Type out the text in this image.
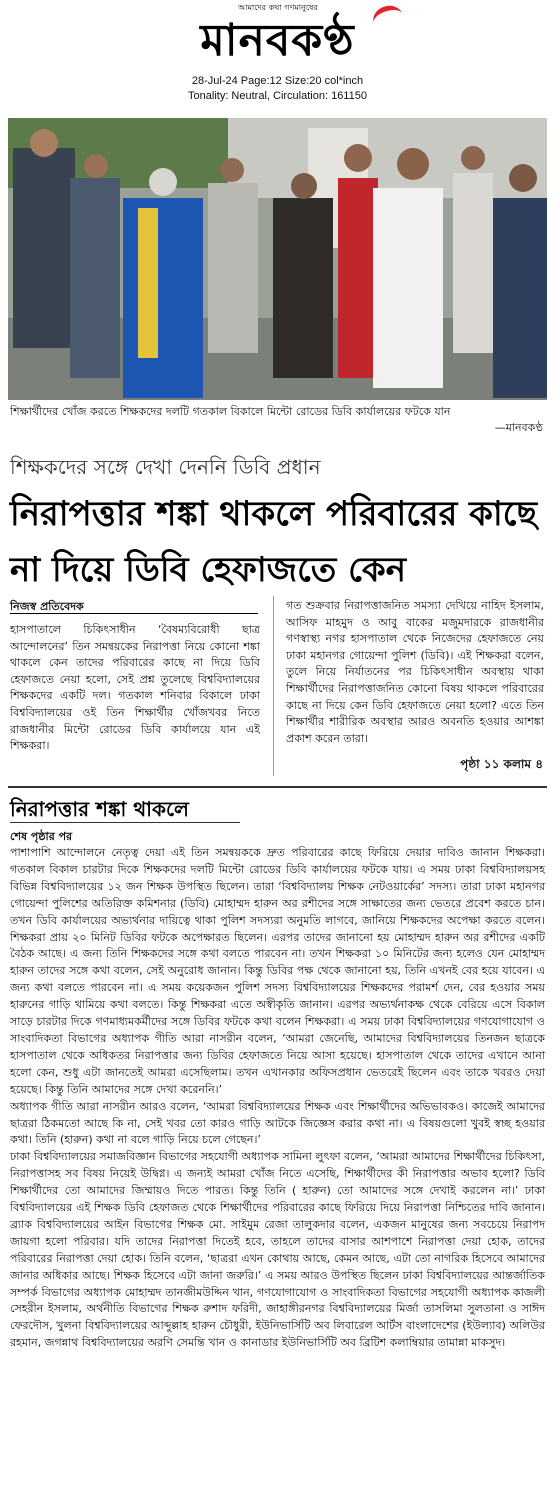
আমাদের কথা গণমানুষের
মানবকণ্ঠ
28-Jul-24 Page:12 Size:20 col*inch
Tonality: Neutral, Circulation: 161150
শিক্ষার্থীদের খোঁজ করতে শিক্ষকদের দলটি গতকাল বিকালে মিন্টো রোডের ডিবি কার্যালয়ের ফটকে যান
—মানবকণ্ঠ
শিক্ষকদের সঙ্গে দেখা দেননি ডিবি প্রধান
নিরাপত্তার শঙ্কা থাকলে পরিবারের কাছে না দিয়ে ডিবি হেফাজতে কেন
নিজস্ব প্রতিবেদক
হাসপাতালে চিকিৎসাধীন ‘বৈষম্যবিরোধী ছাত্র আন্দোলনের’ তিন সমন্বয়কের নিরাপত্তা নিয়ে কোনো শঙ্কা থাকলে কেন তাদের পরিবারের কাছে না দিয়ে ডিবি হেফাজতে নেয়া হলো, সেই প্রশ্ন তুলেছে বিশ্ববিদ্যালয়ের শিক্ষকদের একটি দল। গতকাল শনিবার বিকালে ঢাকা বিশ্ববিদ্যালয়ের ওই তিন শিক্ষার্থীর খোঁজখবর নিতে রাজধানীর মিন্টো রোডের ডিবি কার্যালয়ে যান এই শিক্ষকরা।
গত শুক্রবার নিরাপত্তাজনিত সমস্যা দেখিয়ে নাহিদ ইসলাম, আসিফ মাহমুদ ও আবু বাকের মজুমদারকে রাজধানীর গণস্বাস্থ্য নগর হাসপাতাল থেকে নিজেদের হেফাজতে নেয় ঢাকা মহানগর গোয়েন্দা পুলিশ (ডিবি)। এই শিক্ষকরা বলেন, তুলে নিয়ে নির্যাতনের পর চিকিৎসাধীন অবস্থায় থাকা শিক্ষার্থীদের নিরাপত্তাজনিত কোনো বিষয় থাকলে পরিবারের কাছে না দিয়ে কেন ডিবি হেফাজতে নেয়া হলো? এতে তিন শিক্ষার্থীর শারীরিক অবস্থার আরও অবনতি হওয়ার আশঙ্কা প্রকাশ করেন তারা।
পৃষ্ঠা ১১ কলাম ৪
নিরাপত্তার শঙ্কা থাকলে
শেষ পৃষ্ঠার পর

পাশাপাশি আন্দোলনে নেতৃত্ব দেয়া এই তিন সমন্বয়ককে দ্রুত পরিবারের কাছে ফিরিয়ে দেয়ার দাবিও জানান শিক্ষকরা। গতকাল বিকাল চারটার দিকে শিক্ষকদের দলটি মিন্টো রোডের ডিবি কার্যালয়ের ফটকে যায়। এ সময় ঢাকা বিশ্ববিদ্যালয়সহ বিভিন্ন বিশ্ববিদ্যালয়ের ১২ জন শিক্ষক উপস্থিত ছিলেন। তারা ‘বিশ্ববিদ্যালয় শিক্ষক নেটওয়ার্কের’ সদস্য। তারা ঢাকা মহানগর গোয়েন্দা পুলিশের অতিরিক্ত কমিশনার (ডিবি) মোহাম্মদ হারুন অর রশীদের সঙ্গে সাক্ষাতের জন্য ভেতরে প্রবেশ করতে চান। তখন ডিবি কার্যালয়ের অভ্যর্থনার দায়িত্বে থাকা পুলিশ সদস্যরা অনুমতি লাগবে, জানিয়ে শিক্ষকদের অপেক্ষা করতে বলেন। শিক্ষকরা প্রায় ২০ মিনিট ডিবির ফটকে অপেক্ষারত ছিলেন। এরপর তাদের জানানো হয় মোহাম্মদ হারুন অর রশীদের একটি বৈঠক আছে। এ জন্য তিনি শিক্ষকদের সঙ্গে কথা বলতে পারবেন না। তখন শিক্ষকরা ১০ মিনিটের জন্য হলেও যেন মোহাম্মদ হারুন তাদের সঙ্গে কথা বলেন, সেই অনুরোধ জানান। কিন্তু ডিবির পক্ষ থেকে জানানো হয়, তিনি এখনই বের হয়ে যাবেন। এ জন্য কথা বলতে পারবেন না। এ সময় কয়েকজন পুলিশ সদস্য বিশ্ববিদ্যালয়ের শিক্ষকদের পরামর্শ দেন, বের হওয়ার সময় হারুনের গাড়ি থামিয়ে কথা বলতে। কিন্তু শিক্ষকরা এতে অস্বীকৃতি জানান। এরপর অভ্যর্থনাকক্ষ থেকে বেরিয়ে এসে বিকাল সাড়ে চারটার দিকে গণমাধ্যমকর্মীদের সঙ্গে ডিবির ফটকে কথা বলেন শিক্ষকরা। এ সময় ঢাকা বিশ্ববিদ্যালয়ের গণযোগাযোগ ও সাংবাদিকতা বিভাগের অধ্যাপক গীতি আরা নাসরীন বলেন, ‘আমরা জেনেছি, আমাদের বিশ্ববিদ্যালয়ের তিনজন ছাত্রকে হাসপাতাল থেকে অধিকতর নিরাপত্তার জন্য ডিবির হেফাজতে নিয়ে আসা হয়েছে। হাসপাতাল থেকে তাদের এখানে আনা হলো কেন, শুধু এটা জানতেই আমরা এসেছিলাম। তখন এখানকার অফিসপ্রধান ভেতরেই ছিলেন এবং তাকে খবরও দেয়া হয়েছে। কিন্তু তিনি আমাদের সঙ্গে দেখা করেননি।’

অধ্যাপক গীতি আরা নাসরীন আরও বলেন, ‘আমরা বিশ্ববিদ্যালয়ের শিক্ষক এবং শিক্ষার্থীদের অভিভাবকও। কাজেই আমাদের ছাত্ররা ঠিকমতো আছে কি না, সেই খবর তো কারও গাড়ি আটকে জিজ্ঞেস করার কথা না। এ বিষয়গুলো খুবই স্বচ্ছ হওয়ার কথা। তিনি (হারুন) কথা না বলে গাড়ি নিয়ে চলে গেছেন।’

ঢাকা বিশ্ববিদ্যালয়ের সমাজবিজ্ঞান বিভাগের সহযোগী অধ্যাপক সামিনা লুৎফা বলেন, ‘আমরা আমাদের শিক্ষার্থীদের চিকিৎসা, নিরাপত্তাসহ সব বিষয় নিয়েই উদ্বিগ্ন। এ জন্যই আমরা খোঁজ নিতে এসেছি, শিক্ষার্থীদের কী নিরাপত্তার অভাব হলো? ডিবি শিক্ষার্থীদের তো আমাদের জিম্মায়ও দিতে পারত। কিন্তু তিনি ( হারুন) তো আমাদের সঙ্গে দেখাই করলেন না।’ ঢাকা বিশ্ববিদ্যালয়ের এই শিক্ষক ডিবি হেফাজত থেকে শিক্ষার্থীদের পরিবারের কাছে ফিরিয়ে দিয়ে নিরাপত্তা নিশ্চিতের দাবি জানান। ব্র্যাক বিশ্ববিদ্যালয়ের আইন বিভাগের শিক্ষক মো. সাইমুম রেজা তালুকদার বলেন, একজন মানুষের জন্য সবচেয়ে নিরাপদ জায়গা হলো পরিবার। যদি তাদের নিরাপত্তা দিতেই হবে, তাহলে তাদের বাসার আশপাশে নিরাপত্তা দেয়া হোক, তাদের পরিবারের নিরাপত্তা দেয়া হোক। তিনি বলেন, ‘ছাত্ররা এখন কোথায় আছে, কেমন আছে, এটা তো নাগরিক হিসেবে আমাদের জানার অধিকার আছে। শিক্ষক হিসেবে এটা জানা জরুরি।’ এ সময় আরও উপস্থিত ছিলেন ঢাকা বিশ্ববিদ্যালয়ের আন্তর্জাতিক সম্পর্ক বিভাগের অধ্যাপক মোহাম্মদ তানজীমউদ্দিন খান, গণযোগাযোগ ও সাংবাদিকতা বিভাগের সহযোগী অধ্যাপক কাজলী সেহরীন ইসলাম, অর্থনীতি বিভাগের শিক্ষক রুশাদ ফরিদী, জাহাঙ্গীরনগর বিশ্ববিদ্যালয়ের মির্জা তাসলিমা সুলতানা ও সাঈদ ফেরদৌস, খুলনা বিশ্ববিদ্যালয়ের আব্দুল্লাহ হারুন চৌধুরী, ইউনিভার্সিটি অব লিবারেল আর্টস বাংলাদেশের (ইউল্যাব) অলিউর রহমান, জগন্নাথ বিশ্ববিদ্যালয়ের অরণি সেমন্তি খান ও কানাডার ইউনিভার্সিটি অব ব্রিটিশ কলাম্বিয়ার তামান্না মাকসুদ।
